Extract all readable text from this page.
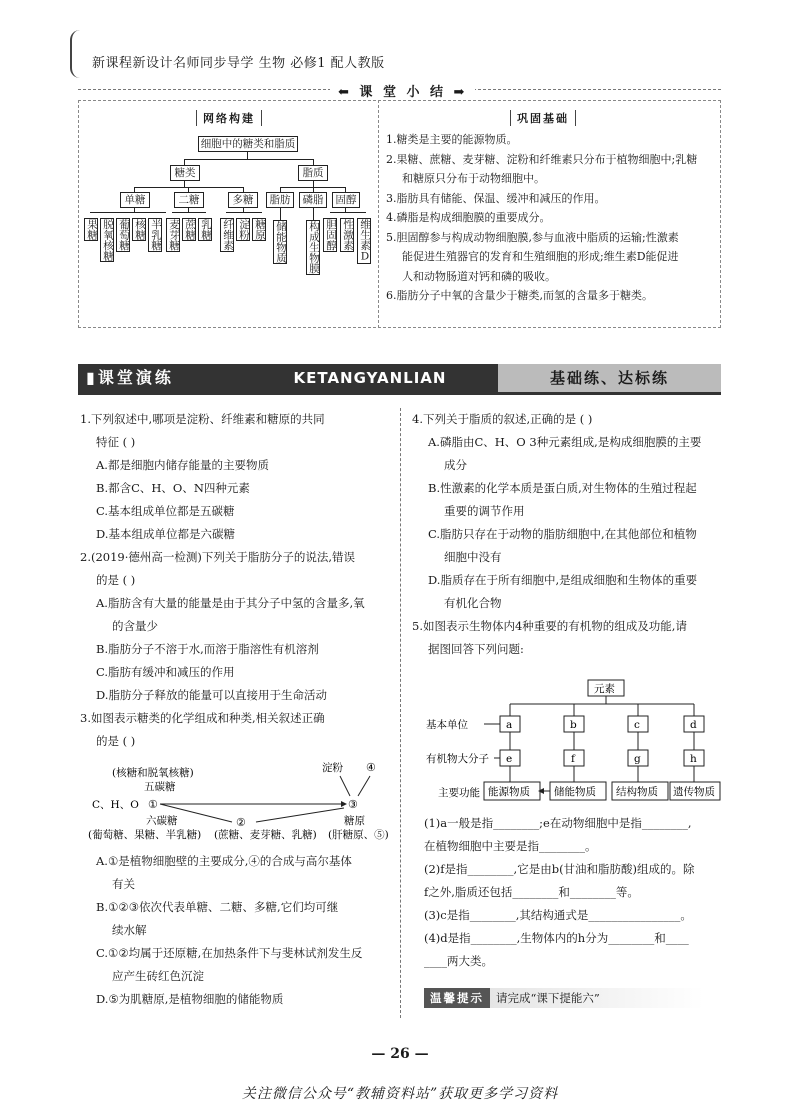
新课程新设计名师同步导学 生物 必修1 配人教版
⬅ 课 堂 小 结 ➡
网络构建	巩固基础
细胞中的糖类和脂质
糖类	脂质
单糖	二糖	多糖	脂肪	磷脂	固醇
果糖 脱氧核糖 葡萄糖 核糖 半乳糖 麦芽糖 蔗糖 乳糖 纤维素 淀粉 糖原 储能物质 构成生物膜 胆固醇 性激素 维生素D

1.糖类是主要的能源物质。

2.果糖、蔗糖、麦芽糖、淀粉和纤维素只分布于植物细胞中;乳糖

和糖原只分布于动物细胞中。

3.脂肪具有储能、保温、缓冲和减压的作用。

4.磷脂是构成细胞膜的重要成分。

5.胆固醇参与构成动物细胞膜,参与血液中脂质的运输;性激素

能促进生殖器官的发育和生殖细胞的形成;维生素D能促进

人和动物肠道对钙和磷的吸收。

6.脂肪分子中氧的含量少于糖类,而氢的含量多于糖类。

▮课堂演练	KETANGYANLIAN	基础练、达标练

1.下列叙述中,哪项是淀粉、纤维素和糖原的共同

特征 ( )

A.都是细胞内储存能量的主要物质

B.都含C、H、O、N四种元素

C.基本组成单位都是五碳糖

D.基本组成单位都是六碳糖

2.(2019·德州高一检测)下列关于脂肪分子的说法,错误

的是 ( )

A.脂肪含有大量的能量是由于其分子中氢的含量多,氧

的含量少

B.脂肪分子不溶于水,而溶于脂溶性有机溶剂

C.脂肪有缓冲和减压的作用

D.脂肪分子释放的能量可以直接用于生命活动

3.如图表示糖类的化学组成和种类,相关叙述正确

的是 ( )

(核糖和脱氧核糖)
五碳糖
C、H、O ①
②
③
淀粉 ④
六碳糖
(葡萄糖、果糖、半乳糖) (蔗糖、麦芽糖、乳糖)
糖原
(肝糖原、⑤)

A.①是植物细胞壁的主要成分,④的合成与高尔基体

有关

B.①②③依次代表单糖、二糖、多糖,它们均可继

续水解

C.①②均属于还原糖,在加热条件下与斐林试剂发生反

应产生砖红色沉淀

D.⑤为肌糖原,是植物细胞的储能物质

4.下列关于脂质的叙述,正确的是 ( )

A.磷脂由C、H、O 3种元素组成,是构成细胞膜的主要

成分

B.性激素的化学本质是蛋白质,对生物体的生殖过程起

重要的调节作用

C.脂肪只存在于动物的脂肪细胞中,在其他部位和植物

细胞中没有

D.脂质存在于所有细胞中,是组成细胞和生物体的重要

有机化合物

5.如图表示生物体内4种重要的有机物的组成及功能,请

据图回答下列问题:

元素
基本单位
有机物大分子
主要功能
a
e
能源物质
b
f
储能物质
c
g
结构物质
d
h
遗传物质

(1)a一般是指________;e在动物细胞中是指________,

在植物细胞中主要是指________。

(2)f是指________,它是由b(甘油和脂肪酸)组成的。除

f之外,脂质还包括________和________等。

(3)c是指________,其结构通式是________________。

(4)d是指________,生物体内的h分为________和____

____两大类。

温馨提示 请完成“课下提能六”
— 26 —
关注微信公众号“教辅资料站”获取更多学习资料
